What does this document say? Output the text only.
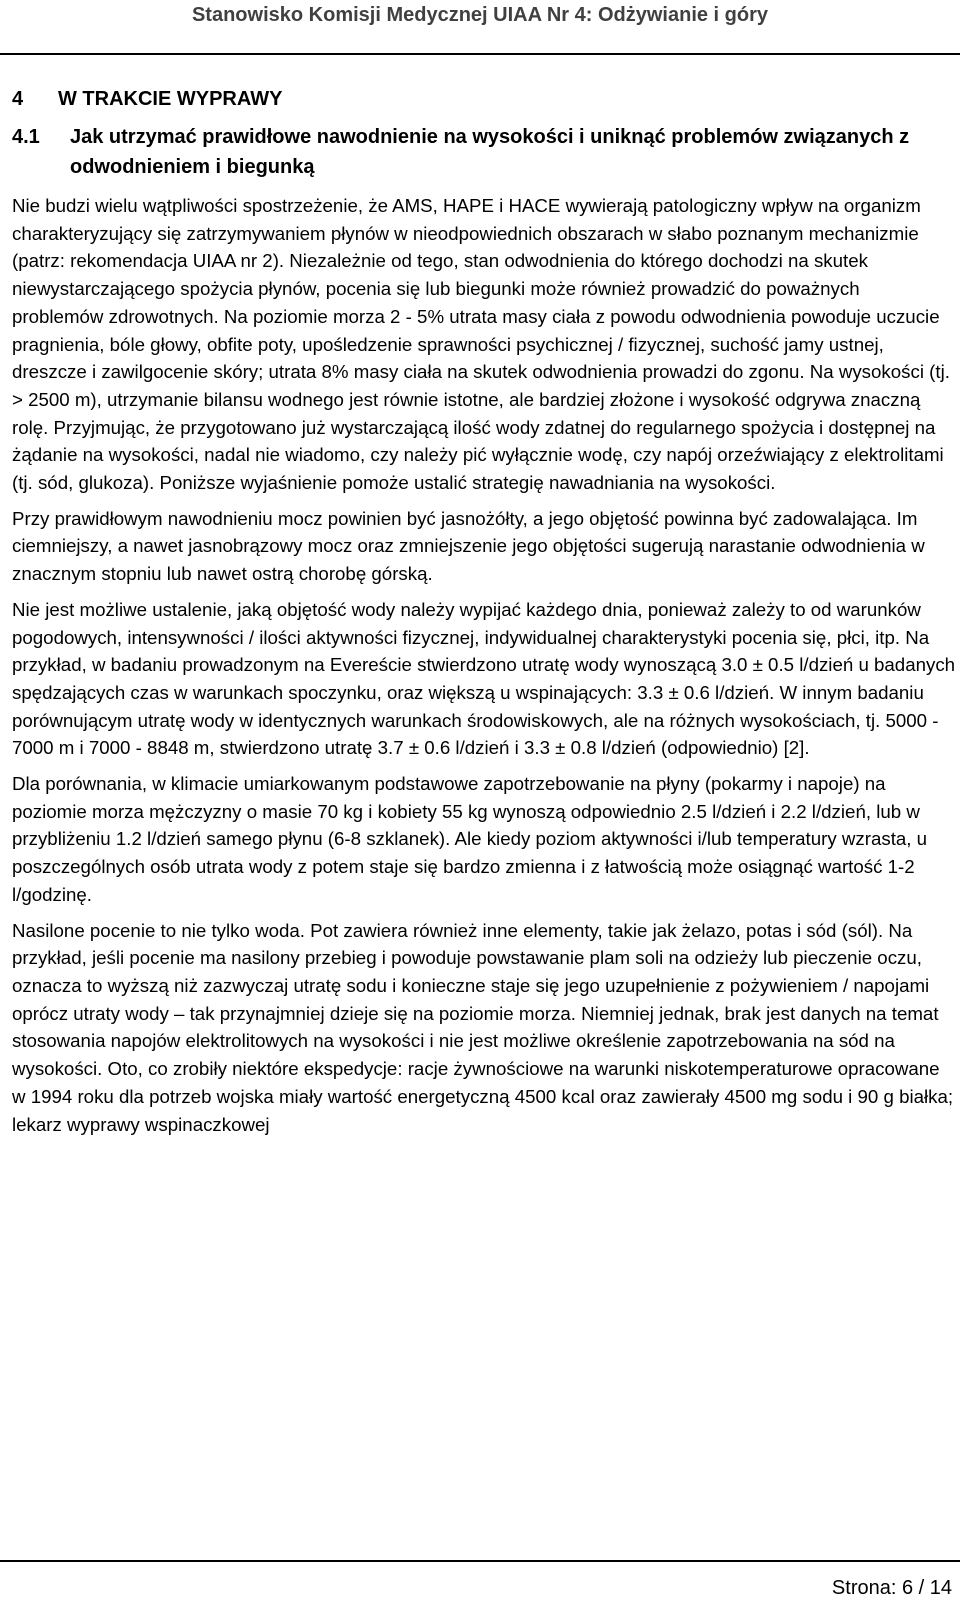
Stanowisko Komisji Medycznej UIAA Nr 4: Odżywianie i góry
4	W TRAKCIE WYPRAWY
4.1	Jak utrzymać prawidłowe nawodnienie na wysokości i uniknąć problemów związanych z odwodnieniem i biegunką

Nie budzi wielu wątpliwości spostrzeżenie, że AMS, HAPE i HACE wywierają patologiczny wpływ na organizm charakteryzujący się zatrzymywaniem płynów w nieodpowiednich obszarach w słabo poznanym mechanizmie (patrz: rekomendacja UIAA nr 2). Niezależnie od tego, stan odwodnienia do którego dochodzi na skutek niewystarczającego spożycia płynów, pocenia się lub biegunki może również prowadzić do poważnych problemów zdrowotnych. Na poziomie morza 2 - 5% utrata masy ciała z powodu odwodnienia powoduje uczucie pragnienia, bóle głowy, obfite poty, upośledzenie sprawności psychicznej / fizycznej, suchość jamy ustnej, dreszcze i zawilgocenie skóry; utrata 8% masy ciała na skutek odwodnienia prowadzi do zgonu. Na wysokości (tj. > 2500 m), utrzymanie bilansu wodnego jest równie istotne, ale bardziej złożone i wysokość odgrywa znaczną rolę. Przyjmując, że przygotowano już wystarczającą ilość wody zdatnej do regularnego spożycia i dostępnej na żądanie na wysokości, nadal nie wiadomo, czy należy pić wyłącznie wodę, czy napój orzeźwiający z elektrolitami (tj. sód, glukoza). Poniższe wyjaśnienie pomoże ustalić strategię nawadniania na wysokości.

Przy prawidłowym nawodnieniu mocz powinien być jasnożółty, a jego objętość powinna być zadowalająca. Im ciemniejszy, a nawet jasnobrązowy mocz oraz zmniejszenie jego objętości sugerują narastanie odwodnienia w znacznym stopniu lub nawet ostrą chorobę górską.

Nie jest możliwe ustalenie, jaką objętość wody należy wypijać każdego dnia, ponieważ zależy to od warunków pogodowych, intensywności / ilości aktywności fizycznej, indywidualnej charakterystyki pocenia się, płci, itp. Na przykład, w badaniu prowadzonym na Evereście stwierdzono utratę wody wynoszącą 3.0 ± 0.5 l/dzień u badanych spędzających czas w warunkach spoczynku, oraz większą u wspinających: 3.3 ± 0.6 l/dzień. W innym badaniu porównującym utratę wody w identycznych warunkach środowiskowych, ale na różnych wysokościach, tj. 5000 - 7000 m i 7000 - 8848 m, stwierdzono utratę 3.7 ± 0.6 l/dzień i 3.3 ± 0.8 l/dzień (odpowiednio) [2].

Dla porównania, w klimacie umiarkowanym podstawowe zapotrzebowanie na płyny (pokarmy i napoje) na poziomie morza mężczyzny o masie 70 kg i kobiety 55 kg wynoszą odpowiednio 2.5 l/dzień i 2.2 l/dzień, lub w przybliżeniu 1.2 l/dzień samego płynu (6-8 szklanek). Ale kiedy poziom aktywności i/lub temperatury wzrasta, u poszczególnych osób utrata wody z potem staje się bardzo zmienna i z łatwością może osiągnąć wartość 1-2 l/godzinę.

Nasilone pocenie to nie tylko woda. Pot zawiera również inne elementy, takie jak żelazo, potas i sód (sól). Na przykład, jeśli pocenie ma nasilony przebieg i powoduje powstawanie plam soli na odzieży lub pieczenie oczu, oznacza to wyższą niż zazwyczaj utratę sodu i konieczne staje się jego uzupełnienie z pożywieniem / napojami oprócz utraty wody – tak przynajmniej dzieje się na poziomie morza. Niemniej jednak, brak jest danych na temat stosowania napojów elektrolitowych na wysokości i nie jest możliwe określenie zapotrzebowania na sód na wysokości. Oto, co zrobiły niektóre ekspedycje: racje żywnościowe na warunki niskotemperaturowe opracowane w 1994 roku dla potrzeb wojska miały wartość energetyczną 4500 kcal oraz zawierały 4500 mg sodu i 90 g białka; lekarz wyprawy wspinaczkowej

Strona: 6 / 14
